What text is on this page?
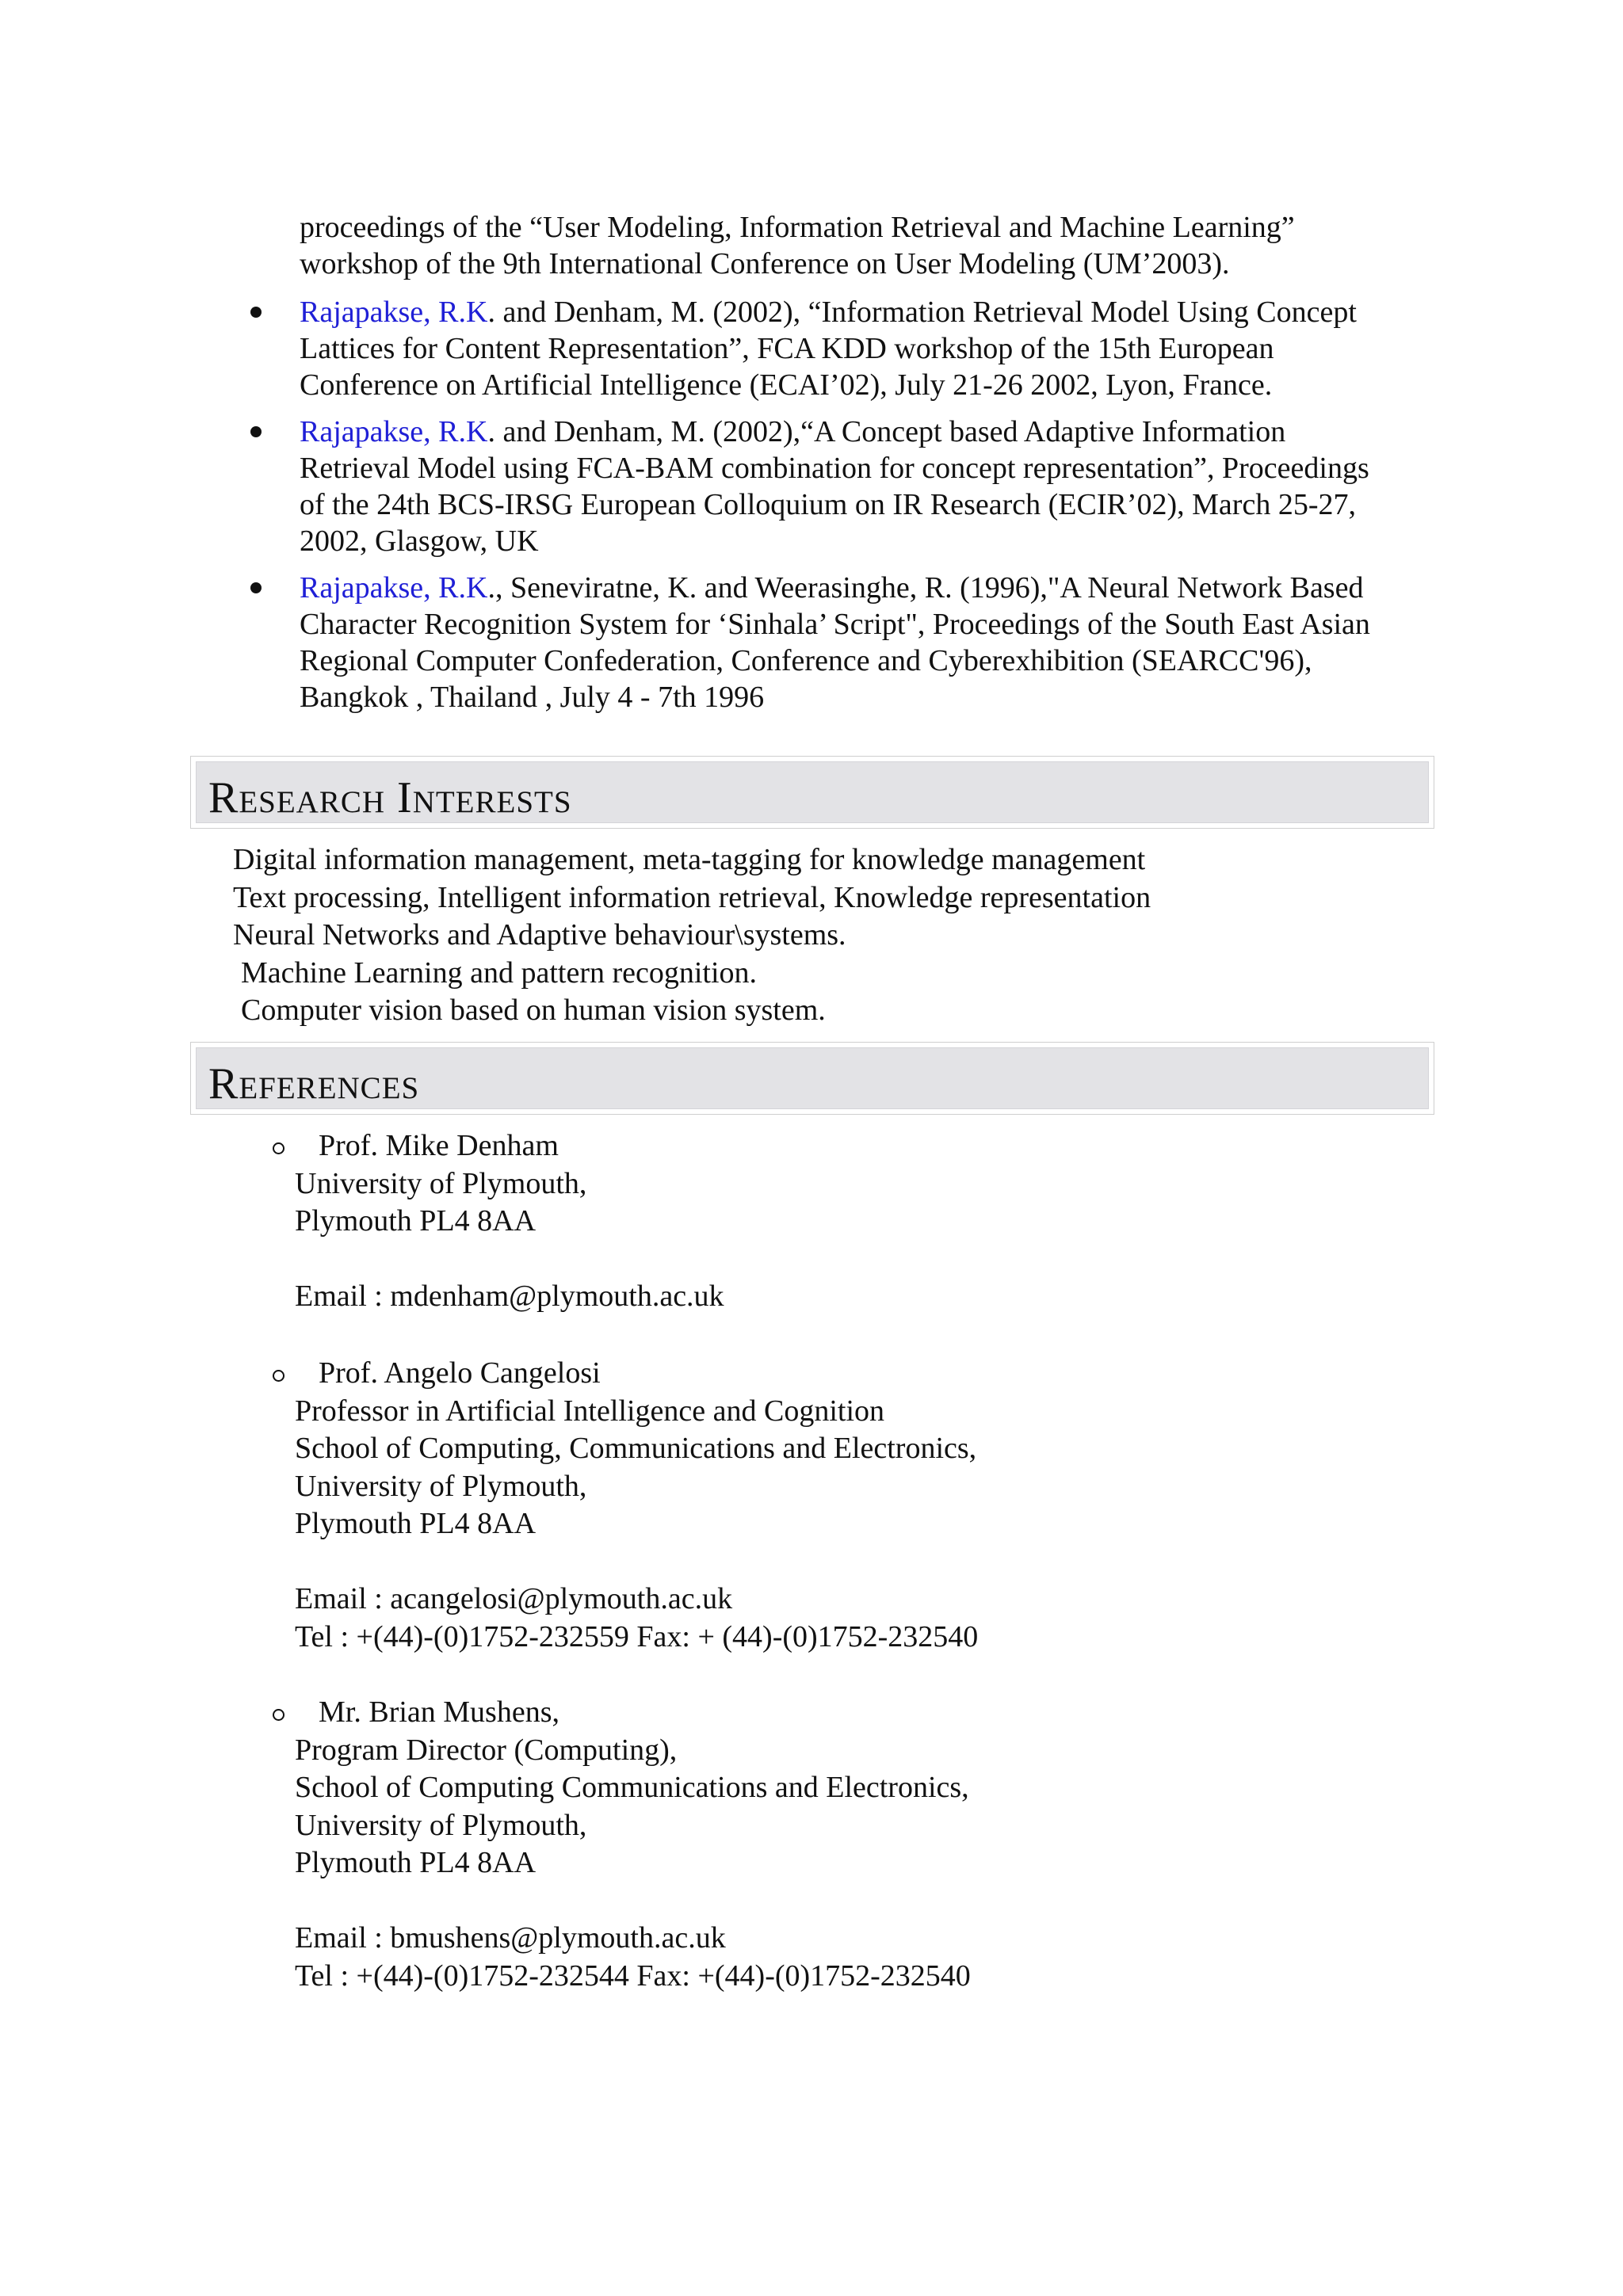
proceedings of the “User Modeling, Information Retrieval and Machine Learning”
workshop of the 9th International Conference on User Modeling (UM’2003).
Rajapakse, R.K. and Denham, M. (2002), “Information Retrieval Model Using Concept
Lattices for Content Representation”, FCA KDD workshop of the 15th European
Conference on Artificial Intelligence (ECAI’02), July 21-26 2002, Lyon, France.
Rajapakse, R.K. and Denham, M. (2002),“A Concept based Adaptive Information
Retrieval Model using FCA-BAM combination for concept representation”, Proceedings
of the 24th BCS-IRSG European Colloquium on IR Research (ECIR’02), March 25-27,
2002, Glasgow, UK
Rajapakse, R.K., Seneviratne, K. and Weerasinghe, R. (1996),"A Neural Network Based
Character Recognition System for ‘Sinhala’ Script", Proceedings of the South East Asian
Regional Computer Confederation, Conference and Cyberexhibition (SEARCC'96),
Bangkok , Thailand , July 4 - 7th 1996
Research Interests
Digital information management, meta-tagging for knowledge management
Text processing, Intelligent information retrieval, Knowledge representation
Neural Networks and Adaptive behaviour\systems.
Machine Learning and pattern recognition.
Computer vision based on human vision system.
References
Prof. Mike Denham
University of Plymouth,
Plymouth PL4 8AA
Email : mdenham@plymouth.ac.uk
Prof. Angelo Cangelosi
Professor in Artificial Intelligence and Cognition
School of Computing, Communications and Electronics,
University of Plymouth,
Plymouth PL4 8AA
Email : acangelosi@plymouth.ac.uk
Tel : +(44)-(0)1752-232559 Fax: + (44)-(0)1752-232540
Mr. Brian Mushens,
Program Director (Computing),
School of Computing Communications and Electronics,
University of Plymouth,
Plymouth PL4 8AA
Email : bmushens@plymouth.ac.uk
Tel : +(44)-(0)1752-232544 Fax: +(44)-(0)1752-232540
